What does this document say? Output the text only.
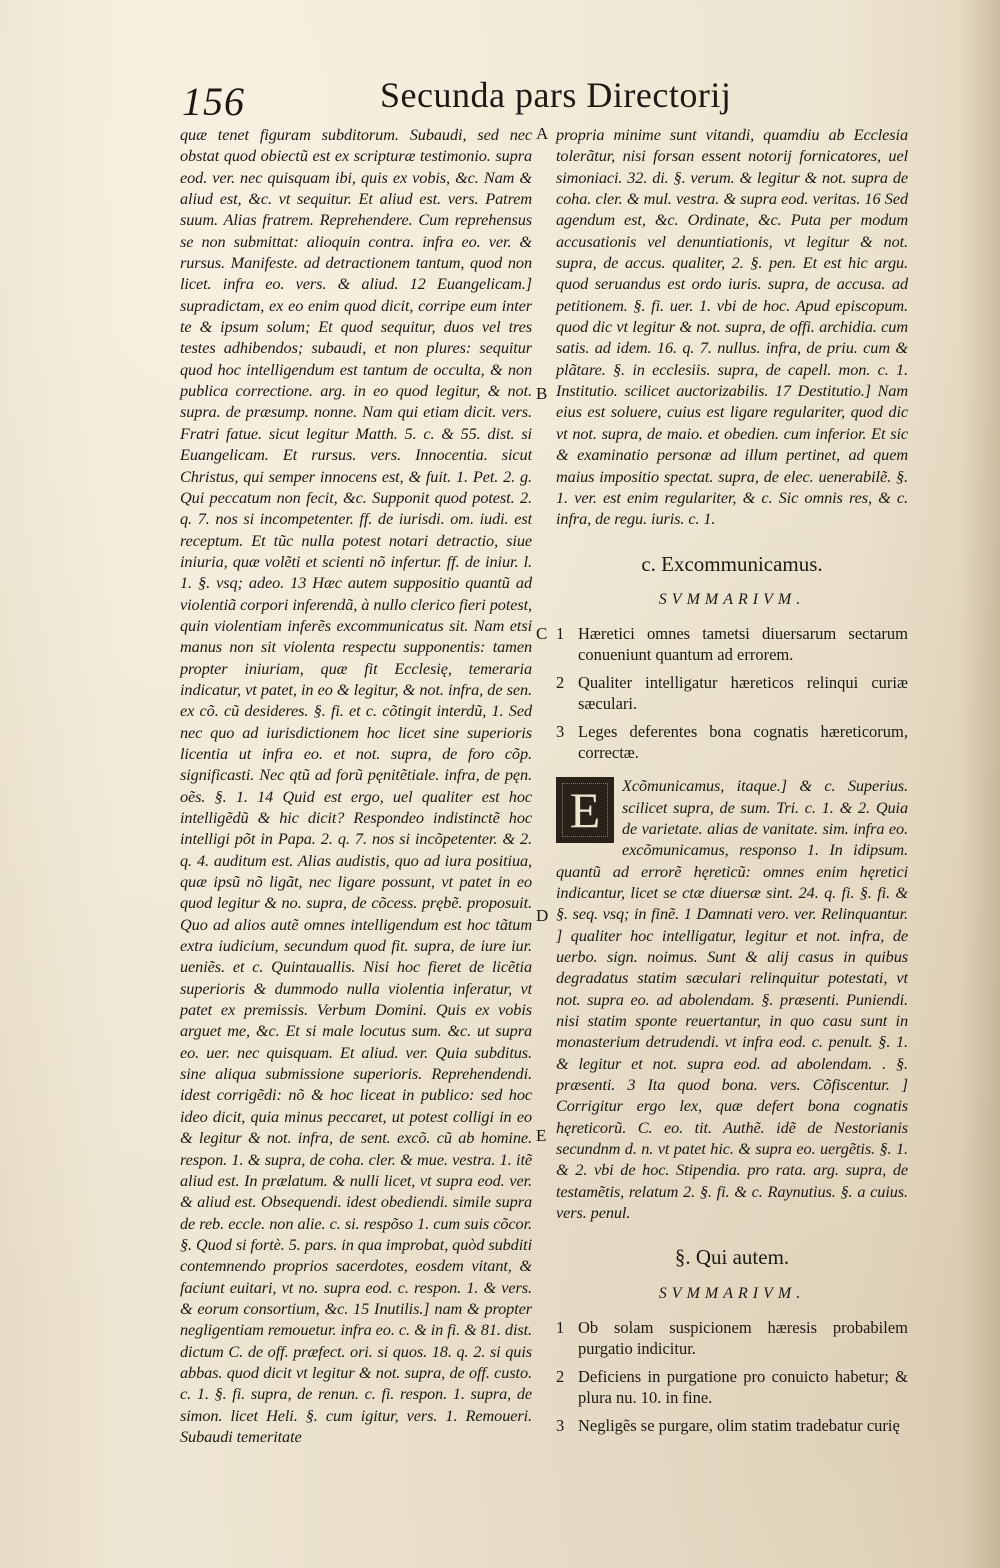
156	Secunda pars Directorij
A
B
C
D
E
quæ tenet figuram subditorum. Subaudi, sed nec obstat quod obiectũ est ex scripturæ testimonio. supra eod. ver. nec quisquam ibi, quis ex vobis, &c. Nam & aliud est, &c. vt sequitur. Et aliud est. vers. Patrem suum. Alias fratrem. Reprehendere. Cum reprehensus se non submittat: alioquin contra. infra eo. ver. & rursus. Manifeste. ad detractionem tantum, quod non licet. infra eo. vers. & aliud. 12 Euangelicam.] supradictam, ex eo enim quod dicit, corripe eum inter te & ipsum solum; Et quod sequitur, duos vel tres testes adhibendos; subaudi, et non plures: sequitur quod hoc intelligendum est tantum de occulta, & non publica correctione. arg. in eo quod legitur, & not. supra. de præsump. nonne. Nam qui etiam dicit. vers. Fratri fatue. sicut legitur Matth. 5. c. & 55. dist. si Euangelicam. Et rursus. vers. Innocentia. sicut Christus, qui semper innocens est, & fuit. 1. Pet. 2. g. Qui peccatum non fecit, &c. Supponit quod potest. 2. q. 7. nos si incompetenter. ff. de iurisdi. om. iudi. est receptum. Et tũc nulla potest notari detractio, siue iniuria, quæ volẽti et scienti nõ infertur. ff. de iniur. l. 1. §. vsq; adeo. 13 Hæc autem suppositio quantũ ad violentiã corpori inferendã, à nullo clerico fieri potest, quin violentiam inferẽs excommunicatus sit. Nam etsi manus non sit violenta respectu supponentis: tamen propter iniuriam, quæ fit Ecclesię, temeraria indicatur, vt patet, in eo & legitur, & not. infra, de sen. ex cõ. cũ desideres. §. fi. et c. cõtingit interdũ, 1. Sed nec quo ad iurisdictionem hoc licet sine superioris licentia ut infra eo. et not. supra, de foro cõp. significasti. Nec qtũ ad forũ pęnitẽtiale. infra, de pęn. oẽs. §. 1. 14 Quid est ergo, uel qualiter est hoc intelligẽdũ & hic dicit? Respondeo indistinctẽ hoc intelligi põt in Papa. 2. q. 7. nos si incõpetenter. & 2. q. 4. auditum est. Alias audistis, quo ad iura positiua, quæ ipsũ nõ ligãt, nec ligare possunt, vt patet in eo quod legitur & no. supra, de cõcess. prębẽ. proposuit. Quo ad alios autẽ omnes intelligendum est hoc tãtum extra iudicium, secundum quod fit. supra, de iure iur. ueniẽs. et c. Quintauallis. Nisi hoc fieret de licẽtia superioris & dummodo nulla violentia inferatur, vt patet ex premissis. Verbum Domini. Quis ex vobis arguet me, &c. Et si male locutus sum. &c. ut supra eo. uer. nec quisquam. Et aliud. ver. Quia subditus. sine aliqua submissione superioris. Reprehendendi. idest corrigẽdi: nõ & hoc liceat in publico: sed hoc ideo dicit, quia minus peccaret, ut potest colligi in eo & legitur & not. infra, de sent. excõ. cũ ab homine. respon. 1. & supra, de coha. cler. & mue. vestra. 1. itẽ aliud est. In prælatum. & nulli licet, vt supra eod. ver. & aliud est. Obsequendi. idest obediendi. simile supra de reb. eccle. non alie. c. si. respõso 1. cum suis cõcor. §. Quod si fortè. 5. pars. in qua improbat, quòd subditi contemnendo proprios sacerdotes, eosdem vitant, & faciunt euitari, vt no. supra eod. c. respon. 1. & vers. & eorum consortium, &c. 15 Inutilis.] nam & propter negligentiam remouetur. infra eo. c. & in fi. & 81. dist. dictum C. de off. præfect. ori. si quos. 18. q. 2. si quis abbas. quod dicit vt legitur & not. supra, de off. custo. c. 1. §. fi. supra, de renun. c. fi. respon. 1. supra, de simon. licet Heli. §. cum igitur, vers. 1. Remoueri. Subaudi temeritate
propria minime sunt vitandi, quamdiu ab Ecclesia tolerãtur, nisi forsan essent notorij fornicatores, uel simoniaci. 32. di. §. verum. & legitur & not. supra de coha. cler. & mul. vestra. & supra eod. veritas. 16 Sed agendum est, &c. Ordinate, &c. Puta per modum accusationis vel denuntiationis, vt legitur & not. supra, de accus. qualiter, 2. §. pen. Et est hic argu. quod seruandus est ordo iuris. supra, de accusa. ad petitionem. §. fi. uer. 1. vbi de hoc. Apud episcopum. quod dic vt legitur & not. supra, de offi. archidia. cum satis. ad idem. 16. q. 7. nullus. infra, de priu. cum & plãtare. §. in ecclesiis. supra, de capell. mon. c. 1. Institutio. scilicet auctorizabilis. 17 Destitutio.] Nam eius est soluere, cuius est ligare regulariter, quod dic vt not. supra, de maio. et obedien. cum inferior. Et sic & examinatio personæ ad illum pertinet, ad quem maius impositio spectat. supra, de elec. uenerabilẽ. §. 1. ver. est enim regulariter, & c. Sic omnis res, & c. infra, de regu. iuris. c. 1.
c. Excommunicamus.
SVMMARIVM.
1 Hæretici omnes tametsi diuersarum sectarum conueniunt quantum ad errorem.
2 Qualiter intelligatur hæreticos relinqui curiæ sæculari.
3 Leges deferentes bona cognatis hæreticorum, correctæ.
E	Xcõmunicamus, itaque.] & c. Superius. scilicet supra, de sum. Tri. c. 1. & 2. Quia de varietate. alias de vanitate. sim. infra eo. excõmunicamus, responso 1. In idipsum. quantũ ad errorẽ hęreticũ: omnes enim hęretici indicantur, licet se ctæ diuersæ sint. 24. q. fi. §. fi. & §. seq. vsq; in finẽ. 1 Damnati vero. ver. Relinquantur. ] qualiter hoc intelligatur, legitur et not. infra, de uerbo. sign. noimus. Sunt & alij casus in quibus degradatus statim sæculari relinquitur potestati, vt not. supra eo. ad abolendam. §. præsenti. Puniendi. nisi statim sponte reuertantur, in quo casu sunt in monasterium detrudendi. vt infra eod. c. penult. §. 1. & legitur et not. supra eod. ad abolendam. . §. præsenti. 3 Ita quod bona. vers. Cõfiscentur. ] Corrigitur ergo lex, quæ defert bona cognatis hęreticorũ. C. eo. tit. Authẽ. idẽ de Nestorianis secundnm d. n. vt patet hic. & supra eo. uergẽtis. §. 1. & 2. vbi de hoc. Stipendia. pro rata. arg. supra, de testamẽtis, relatum 2. §. fi. & c. Raynutius. §. a cuius. vers. penul.
§. Qui autem.
SVMMARIVM.
1 Ob solam suspicionem hæresis probabilem purgatio indicitur.
2 Deficiens in purgatione pro conuicto habetur; & plura nu. 10. in fine.
3 Negligẽs se purgare, olim statim tradebatur curię
